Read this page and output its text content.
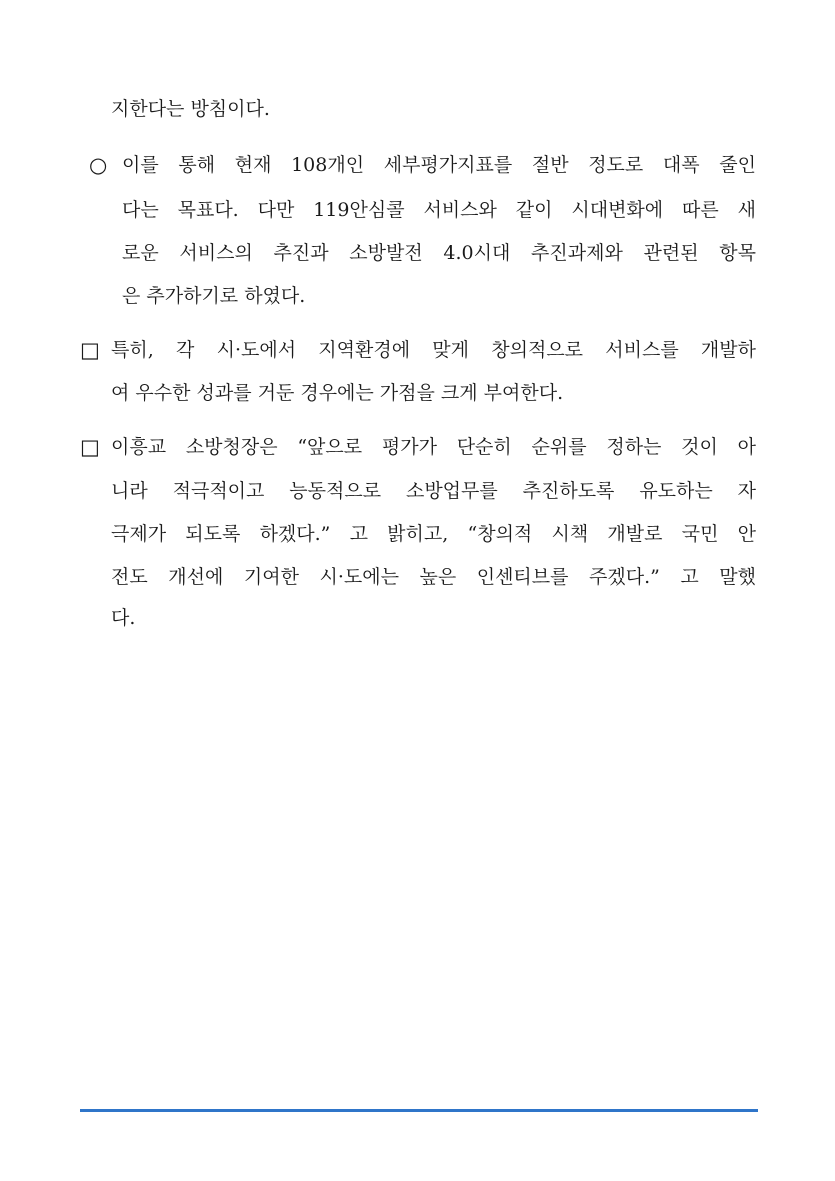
지한다는 방침이다.
○ 이를 통해 현재 108개인 세부평가지표를 절반 정도로 대폭 줄인
다는 목표다. 다만 119안심콜 서비스와 같이 시대변화에 따른 새
로운 서비스의 추진과 소방발전 4.0시대 추진과제와 관련된 항목
은 추가하기로 하였다.
□ 특히, 각 시·도에서 지역환경에 맞게 창의적으로 서비스를 개발하
여 우수한 성과를 거둔 경우에는 가점을 크게 부여한다.
□ 이흥교 소방청장은 “앞으로 평가가 단순히 순위를 정하는 것이 아
니라 적극적이고 능동적으로 소방업무를 추진하도록 유도하는 자
극제가 되도록 하겠다.” 고 밝히고, “창의적 시책 개발로 국민 안
전도 개선에 기여한 시·도에는 높은 인센티브를 주겠다.” 고 말했
다.
